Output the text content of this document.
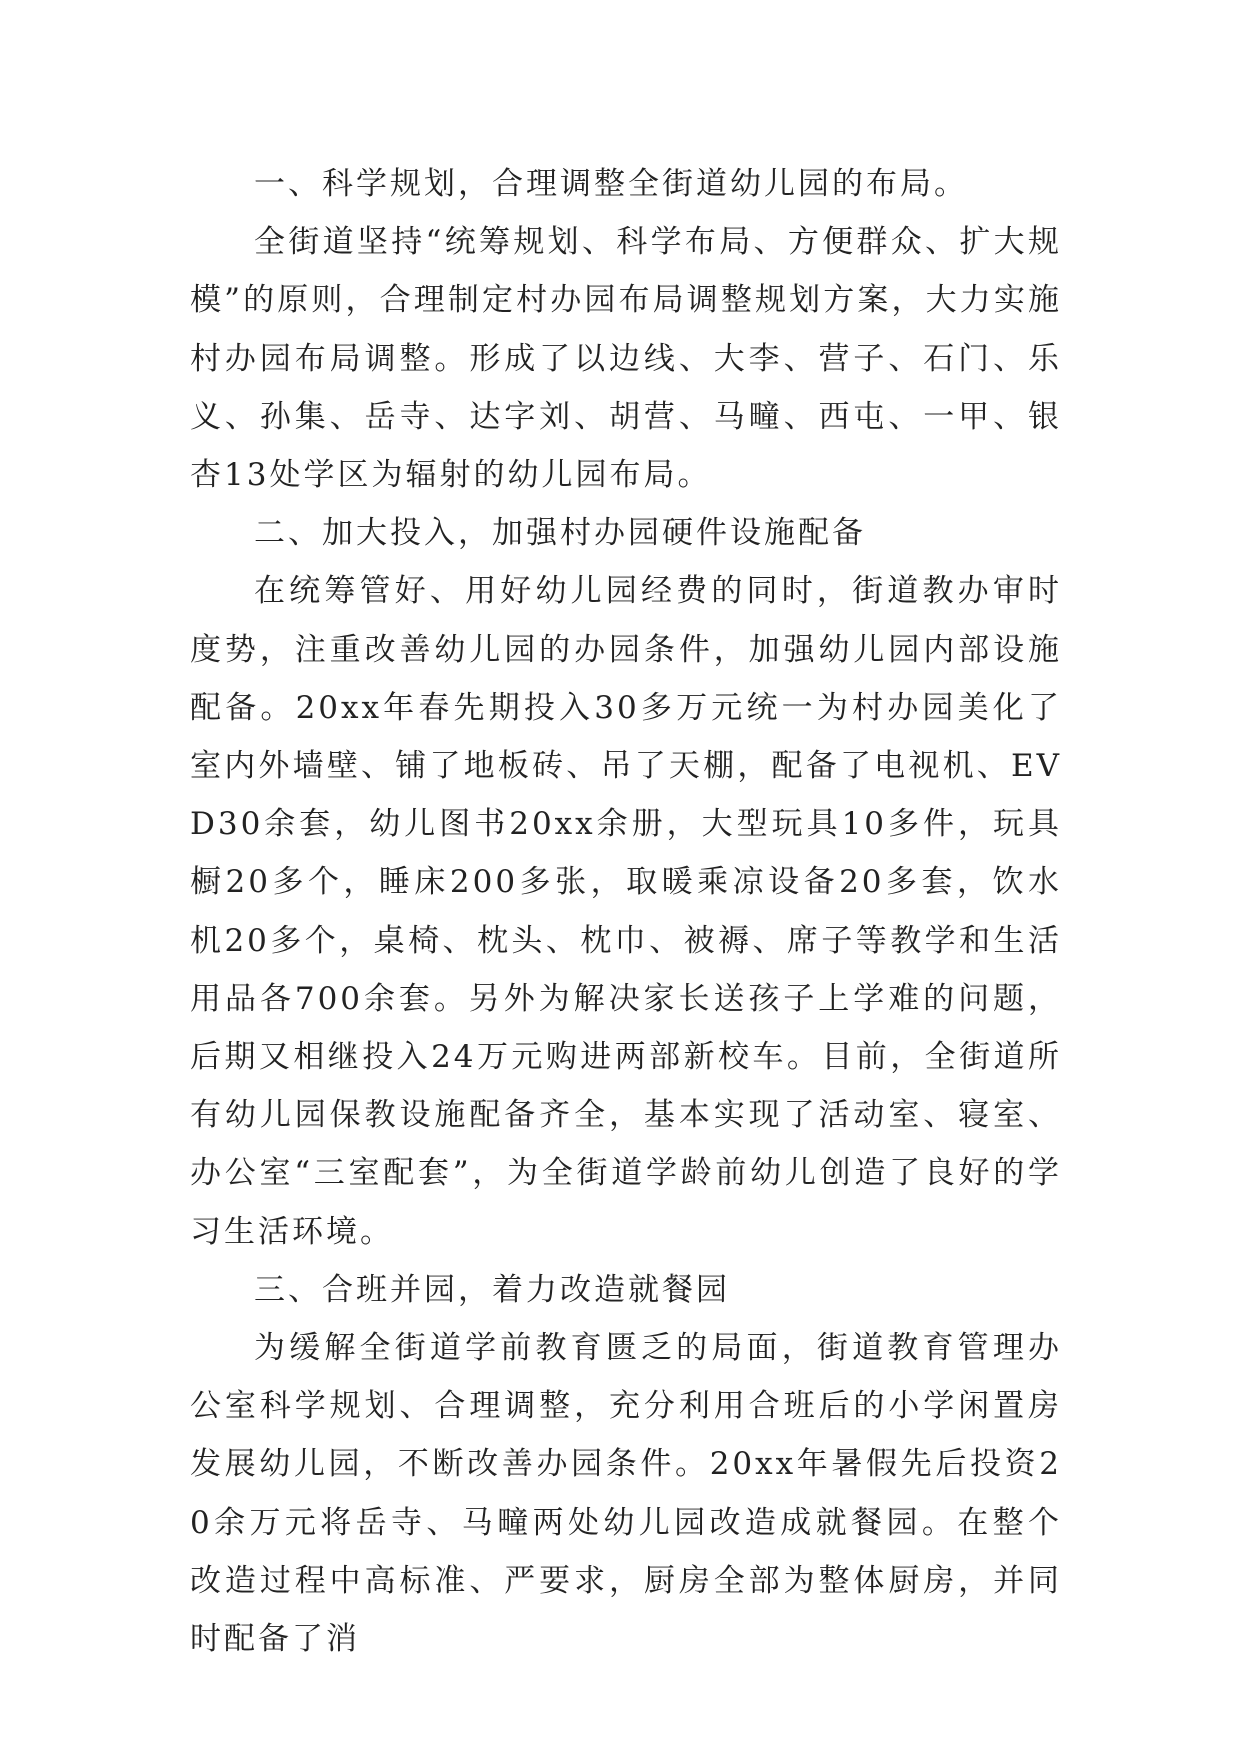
一、科学规划，合理调整全街道幼儿园的布局。

全街道坚持“统筹规划、科学布局、方便群众、扩大规模”的原则，合理制定村办园布局调整规划方案，大力实施村办园布局调整。形成了以边线、大李、营子、石门、乐义、孙集、岳寺、达字刘、胡营、马疃、西屯、一甲、银杏13处学区为辐射的幼儿园布局。

二、加大投入，加强村办园硬件设施配备

在统筹管好、用好幼儿园经费的同时，街道教办审时度势，注重改善幼儿园的办园条件，加强幼儿园内部设施配备。20xx年春先期投入30多万元统一为村办园美化了室内外墙壁、铺了地板砖、吊了天棚，配备了电视机、EVD30余套，幼儿图书20xx余册，大型玩具10多件，玩具橱20多个，睡床200多张，取暖乘凉设备20多套，饮水机20多个，桌椅、枕头、枕巾、被褥、席子等教学和生活用品各700余套。另外为解决家长送孩子上学难的问题，后期又相继投入24万元购进两部新校车。目前，全街道所有幼儿园保教设施配备齐全，基本实现了活动室、寝室、办公室“三室配套”，为全街道学龄前幼儿创造了良好的学习生活环境。

三、合班并园，着力改造就餐园

为缓解全街道学前教育匮乏的局面，街道教育管理办公室科学规划、合理调整，充分利用合班后的小学闲置房发展幼儿园，不断改善办园条件。20xx年暑假先后投资20余万元将岳寺、马疃两处幼儿园改造成就餐园。在整个改造过程中高标准、严要求，厨房全部为整体厨房，并同时配备了消
